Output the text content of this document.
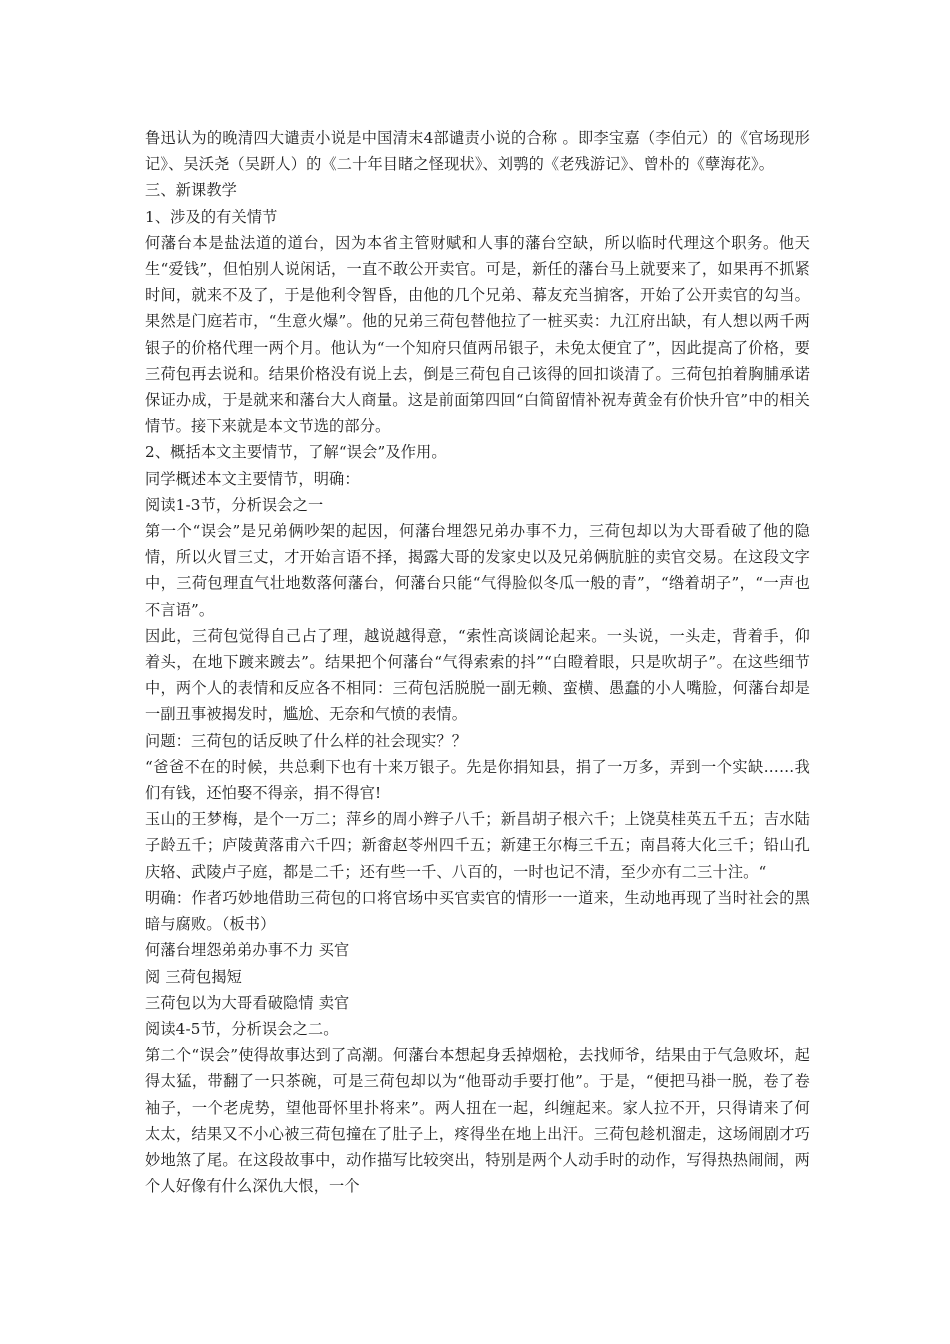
鲁迅认为的晚清四大谴责小说是中国清末4部谴责小说的合称 。即李宝嘉（李伯元）的《官场现形记》、吴沃尧（吴趼人）的《二十年目睹之怪现状》、刘鹗的《老残游记》、曾朴的《孽海花》。

三、新课教学

1、涉及的有关情节

何藩台本是盐法道的道台，因为本省主管财赋和人事的藩台空缺，所以临时代理这个职务。他天生“爱钱”，但怕别人说闲话，一直不敢公开卖官。可是，新任的藩台马上就要来了，如果再不抓紧时间，就来不及了，于是他利令智昏，由他的几个兄弟、幕友充当掮客，开始了公开卖官的勾当。果然是门庭若市，“生意火爆”。他的兄弟三荷包替他拉了一桩买卖：九江府出缺，有人想以两千两银子的价格代理一两个月。他认为“一个知府只值两吊银子，未免太便宜了”，因此提高了价格，要三荷包再去说和。结果价格没有说上去，倒是三荷包自己该得的回扣谈清了。三荷包拍着胸脯承诺保证办成，于是就来和藩台大人商量。这是前面第四回“白简留情补祝寿黄金有价快升官”中的相关情节。接下来就是本文节选的部分。

2、概括本文主要情节，了解“误会”及作用。

同学概述本文主要情节，明确：

阅读1-3节，分析误会之一

第一个“误会”是兄弟俩吵架的起因，何藩台埋怨兄弟办事不力，三荷包却以为大哥看破了他的隐情，所以火冒三丈，才开始言语不择，揭露大哥的发家史以及兄弟俩肮脏的卖官交易。在这段文字中，三荷包理直气壮地数落何藩台，何藩台只能“气得脸似冬瓜一般的青”，“绺着胡子”，“一声也不言语”。

因此，三荷包觉得自己占了理，越说越得意，“索性高谈阔论起来。一头说，一头走，背着手，仰着头，在地下踱来踱去”。结果把个何藩台“气得索索的抖”“白瞪着眼，只是吹胡子”。在这些细节中，两个人的表情和反应各不相同：三荷包活脱脱一副无赖、蛮横、愚蠢的小人嘴脸，何藩台却是一副丑事被揭发时，尴尬、无奈和气愤的表情。

问题：三荷包的话反映了什么样的社会现实？？

“爸爸不在的时候，共总剩下也有十来万银子。先是你捐知县，捐了一万多，弄到一个实缺……我们有钱，还怕娶不得亲，捐不得官!

玉山的王梦梅，是个一万二；萍乡的周小辫子八千；新昌胡子根六千；上饶莫桂英五千五；吉水陆子龄五千；庐陵黄落甫六千四；新畲赵苓州四千五；新建王尔梅三千五；南昌蒋大化三千；铅山孔庆辂、武陵卢子庭，都是二千；还有些一千、八百的，一时也记不清，至少亦有二三十注。“

明确：作者巧妙地借助三荷包的口将官场中买官卖官的情形一一道来，生动地再现了当时社会的黑暗与腐败。（板书）

何藩台埋怨弟弟办事不力 买官

阅 三荷包揭短

三荷包以为大哥看破隐情 卖官

阅读4-5节，分析误会之二。

第二个“误会”使得故事达到了高潮。何藩台本想起身丢掉烟枪，去找师爷，结果由于气急败坏，起得太猛，带翻了一只茶碗，可是三荷包却以为“他哥动手要打他”。于是，“便把马褂一脱，卷了卷袖子，一个老虎势，望他哥怀里扑将来”。两人扭在一起，纠缠起来。家人拉不开，只得请来了何太太，结果又不小心被三荷包撞在了肚子上，疼得坐在地上出汗。三荷包趁机溜走，这场闹剧才巧妙地煞了尾。在这段故事中，动作描写比较突出，特别是两个人动手时的动作，写得热热闹闹，两个人好像有什么深仇大恨，一个
